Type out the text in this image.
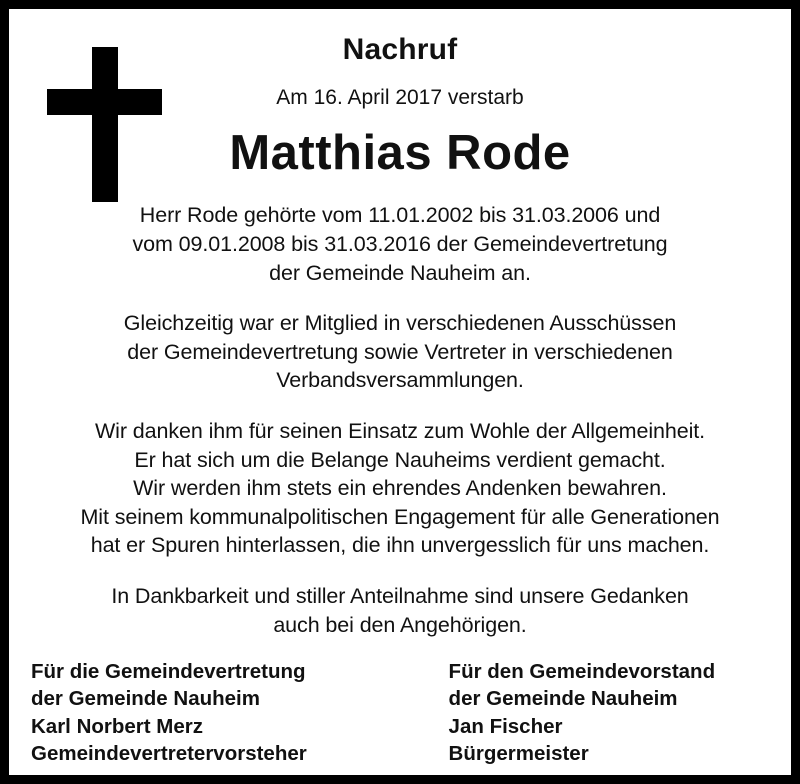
Nachruf
Am 16. April 2017 verstarb
Matthias Rode

Herr Rode gehörte vom 11.01.2002 bis 31.03.2006 und

vom 09.01.2008 bis 31.03.2016 der Gemeindevertretung

der Gemeinde Nauheim an.

Gleichzeitig war er Mitglied in verschiedenen Ausschüssen

der Gemeindevertretung sowie Vertreter in verschiedenen

Verbandsversammlungen.

Wir danken ihm für seinen Einsatz zum Wohle der Allgemeinheit.

Er hat sich um die Belange Nauheims verdient gemacht.

Wir werden ihm stets ein ehrendes Andenken bewahren.

Mit seinem kommunalpolitischen Engagement für alle Generationen

hat er Spuren hinterlassen, die ihn unvergesslich für uns machen.

In Dankbarkeit und stiller Anteilnahme sind unsere Gedanken

auch bei den Angehörigen.

Für die Gemeindevertretung
der Gemeinde Nauheim
Karl Norbert Merz
Gemeindevertretervorsteher
Für den Gemeindevorstand
der Gemeinde Nauheim
Jan Fischer
Bürgermeister
